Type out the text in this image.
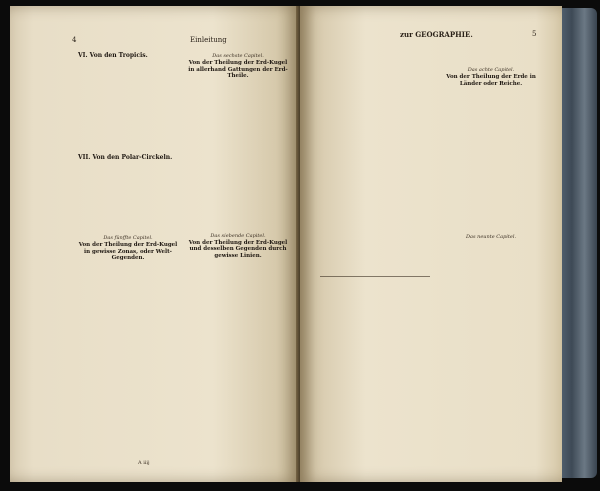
4	Einleitung
VI. Von den Tropicis.
VII. Von den Polar-Circkeln.
Das fünffte Capitel.
Von der Theilung der Erd-Kugel in gewisse Zonas, oder Welt-Gegenden.
Das sechste Capitel.
Von der Theilung der Erd-Kugel in allerhand Gattungen der Erd-Theile.
Das siebende Capitel.
Von der Theilung der Erd-Kugel und desselben Gegenden durch gewisse Linien.
A iiij
zur GEOGRAPHIE.	5
Das achte Capitel.
Von der Theilung der Erde in Länder oder Reiche.
Das neunte Capitel.
